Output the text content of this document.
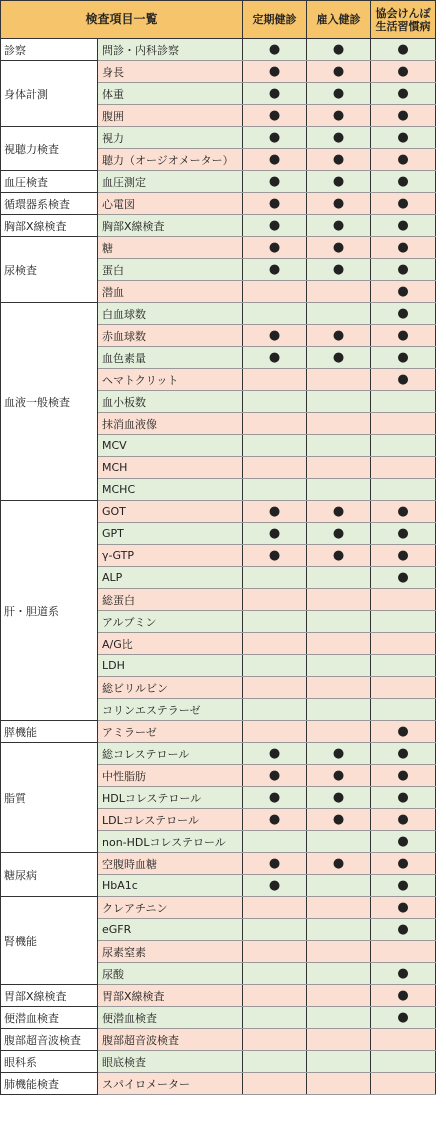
検査項目一覧		定期健診	雇入健診	協会けんぽ
生活習慣病
診察	問診・内科診察	●	●	●
身体計測	身長	●	●	●
	体重	●	●	●
	腹囲	●	●	●
視聴力検査	視力	●	●	●
	聴力（オージオメーター）	●	●	●
血圧検査	血圧測定	●	●	●
循環器系検査	心電図	●	●	●
胸部X線検査	胸部X線検査	●	●	●
尿検査	糖	●	●	●
	蛋白	●	●	●
	潜血			●
血液一般検査	白血球数			●
	赤血球数	●	●	●
	血色素量	●	●	●
	ヘマトクリット			●
	血小板数			
	抹消血液像			
	MCV			
	MCH			
	MCHC			
肝・胆道系	GOT	●	●	●
	GPT	●	●	●
	γ-GTP	●	●	●
	ALP			●
	総蛋白			
	アルブミン			
	A/G比			
	LDH			
	総ビリルビン			
	コリンエステラーゼ			
膵機能	アミラーゼ			●
脂質	総コレステロール	●	●	●
	中性脂肪	●	●	●
	HDLコレステロール	●	●	●
	LDLコレステロール	●	●	●
	non-HDLコレステロール			●
糖尿病	空腹時血糖	●	●	●
	HbA1c	●		●
腎機能	クレアチニン			●
	eGFR			●
	尿素窒素			
	尿酸			●
胃部X線検査	胃部X線検査			●
便潜血検査	便潜血検査			●
腹部超音波検査	腹部超音波検査			
眼科系	眼底検査			
肺機能検査	スパイロメーター			
